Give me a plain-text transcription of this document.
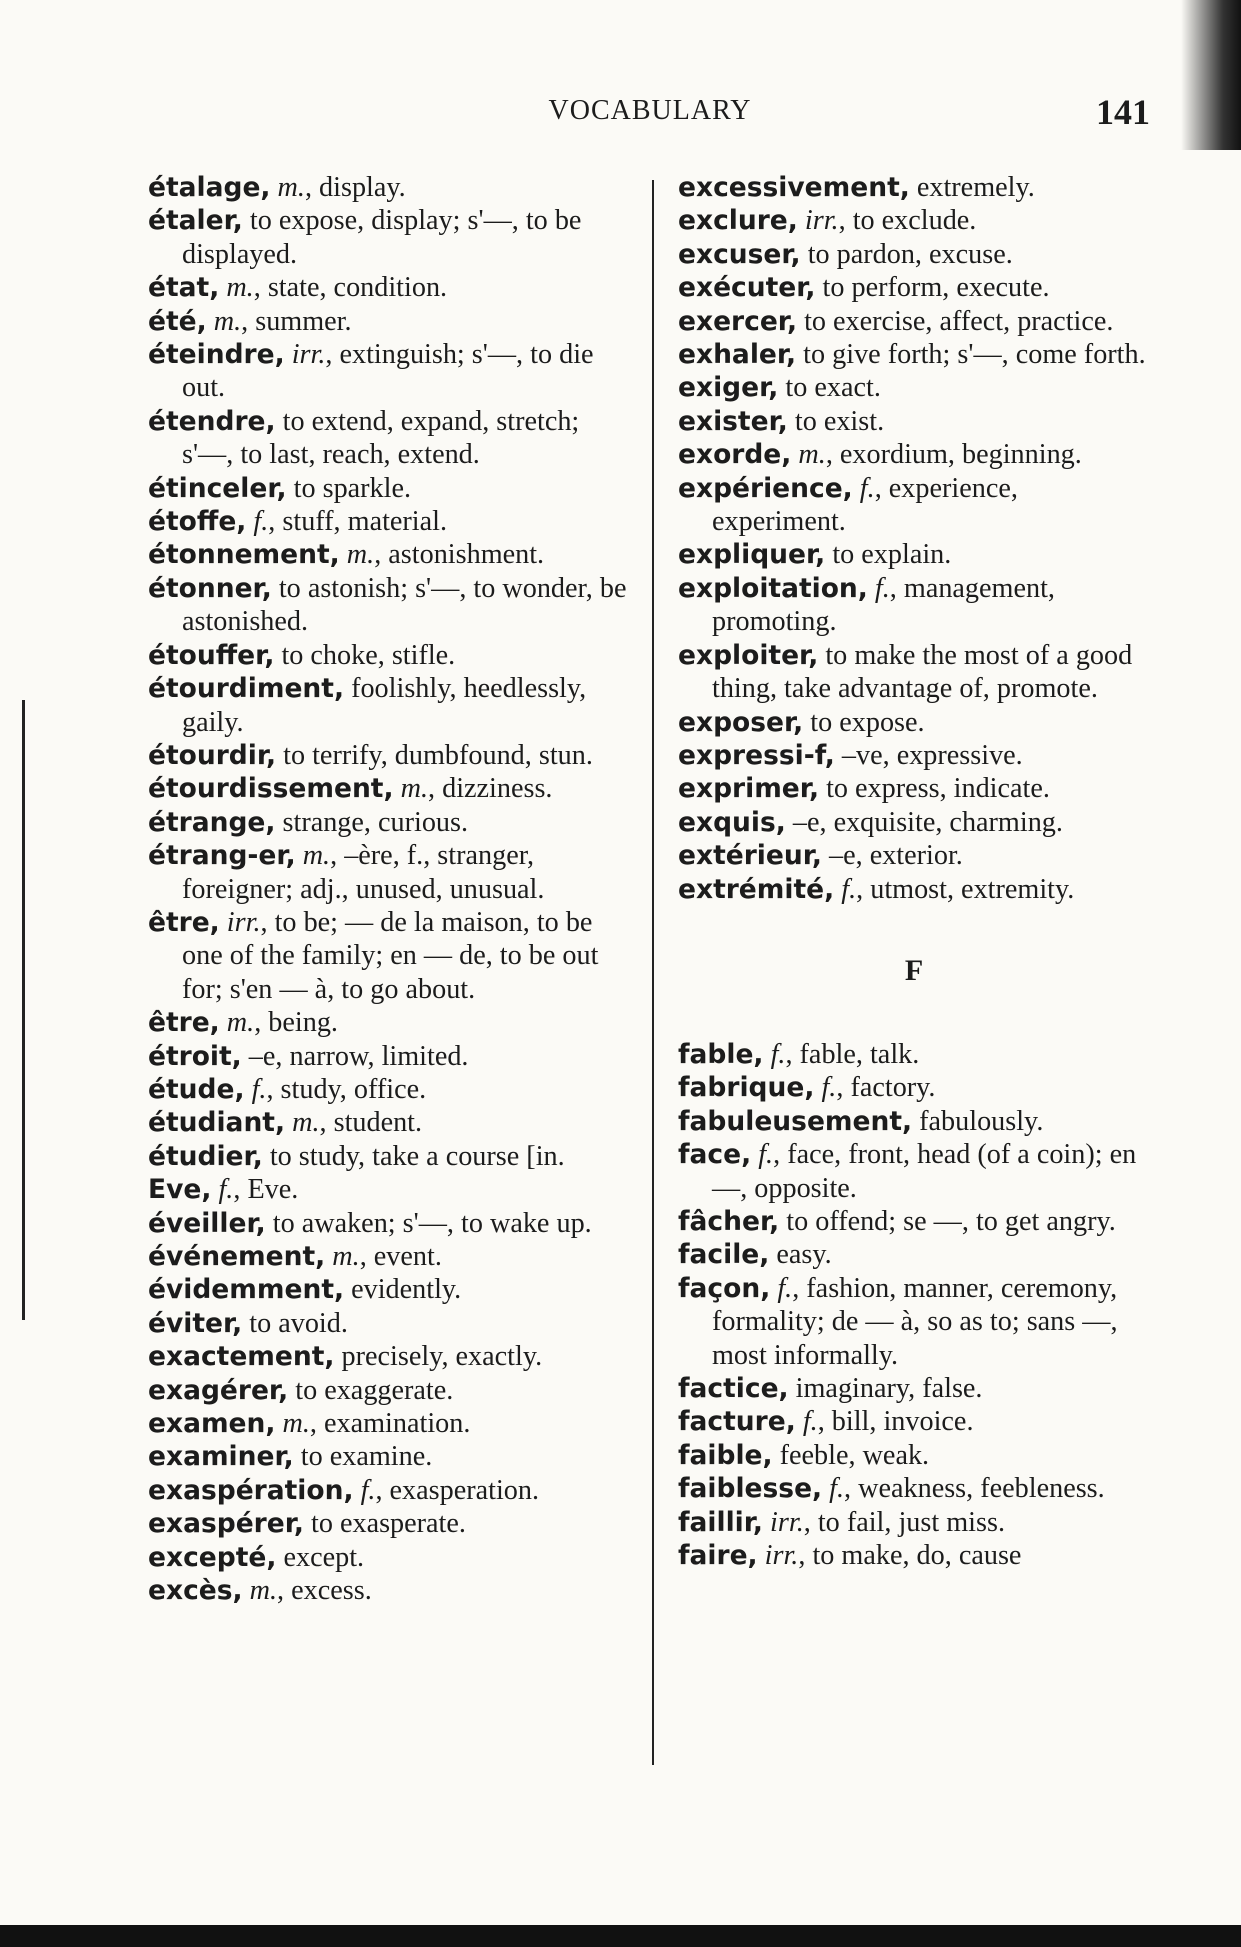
VOCABULARY	141

étalage, m., display.

étaler, to expose, display; s'—, to be displayed.

état, m., state, condition.

été, m., summer.

éteindre, irr., extinguish; s'—, to die out.

étendre, to extend, expand, stretch; s'—, to last, reach, extend.

étinceler, to sparkle.

étoffe, f., stuff, material.

étonnement, m., astonishment.

étonner, to astonish; s'—, to wonder, be astonished.

étouffer, to choke, stifle.

étourdiment, foolishly, heedlessly, gaily.

étourdir, to terrify, dumbfound, stun.

étourdissement, m., dizziness.

étrange, strange, curious.

étrang-er, m., –ère, f., stranger, foreigner; adj., unused, unusual.

être, irr., to be; — de la maison, to be one of the family; en — de, to be out for; s'en — à, to go about.

être, m., being.

étroit, –e, narrow, limited.

étude, f., study, office.

étudiant, m., student.

étudier, to study, take a course [in.

Eve, f., Eve.

éveiller, to awaken; s'—, to wake up.

événement, m., event.

évidemment, evidently.

éviter, to avoid.

exactement, precisely, exactly.

exagérer, to exaggerate.

examen, m., examination.

examiner, to examine.

exaspération, f., exasperation.

exaspérer, to exasperate.

excepté, except.

excès, m., excess.

excessivement, extremely.

exclure, irr., to exclude.

excuser, to pardon, excuse.

exécuter, to perform, execute.

exercer, to exercise, affect, practice.

exhaler, to give forth; s'—, come forth.

exiger, to exact.

exister, to exist.

exorde, m., exordium, beginning.

expérience, f., experience, experiment.

expliquer, to explain.

exploitation, f., management, promoting.

exploiter, to make the most of a good thing, take advantage of, promote.

exposer, to expose.

expressi-f, –ve, expressive.

exprimer, to express, indicate.

exquis, –e, exquisite, charming.

extérieur, –e, exterior.

extrémité, f., utmost, extremity.

F

fable, f., fable, talk.

fabrique, f., factory.

fabuleusement, fabulously.

face, f., face, front, head (of a coin); en —, opposite.

fâcher, to offend; se —, to get angry.

facile, easy.

façon, f., fashion, manner, ceremony, formality; de — à, so as to; sans —, most informally.

factice, imaginary, false.

facture, f., bill, invoice.

faible, feeble, weak.

faiblesse, f., weakness, feebleness.

faillir, irr., to fail, just miss.

faire, irr., to make, do, cause
